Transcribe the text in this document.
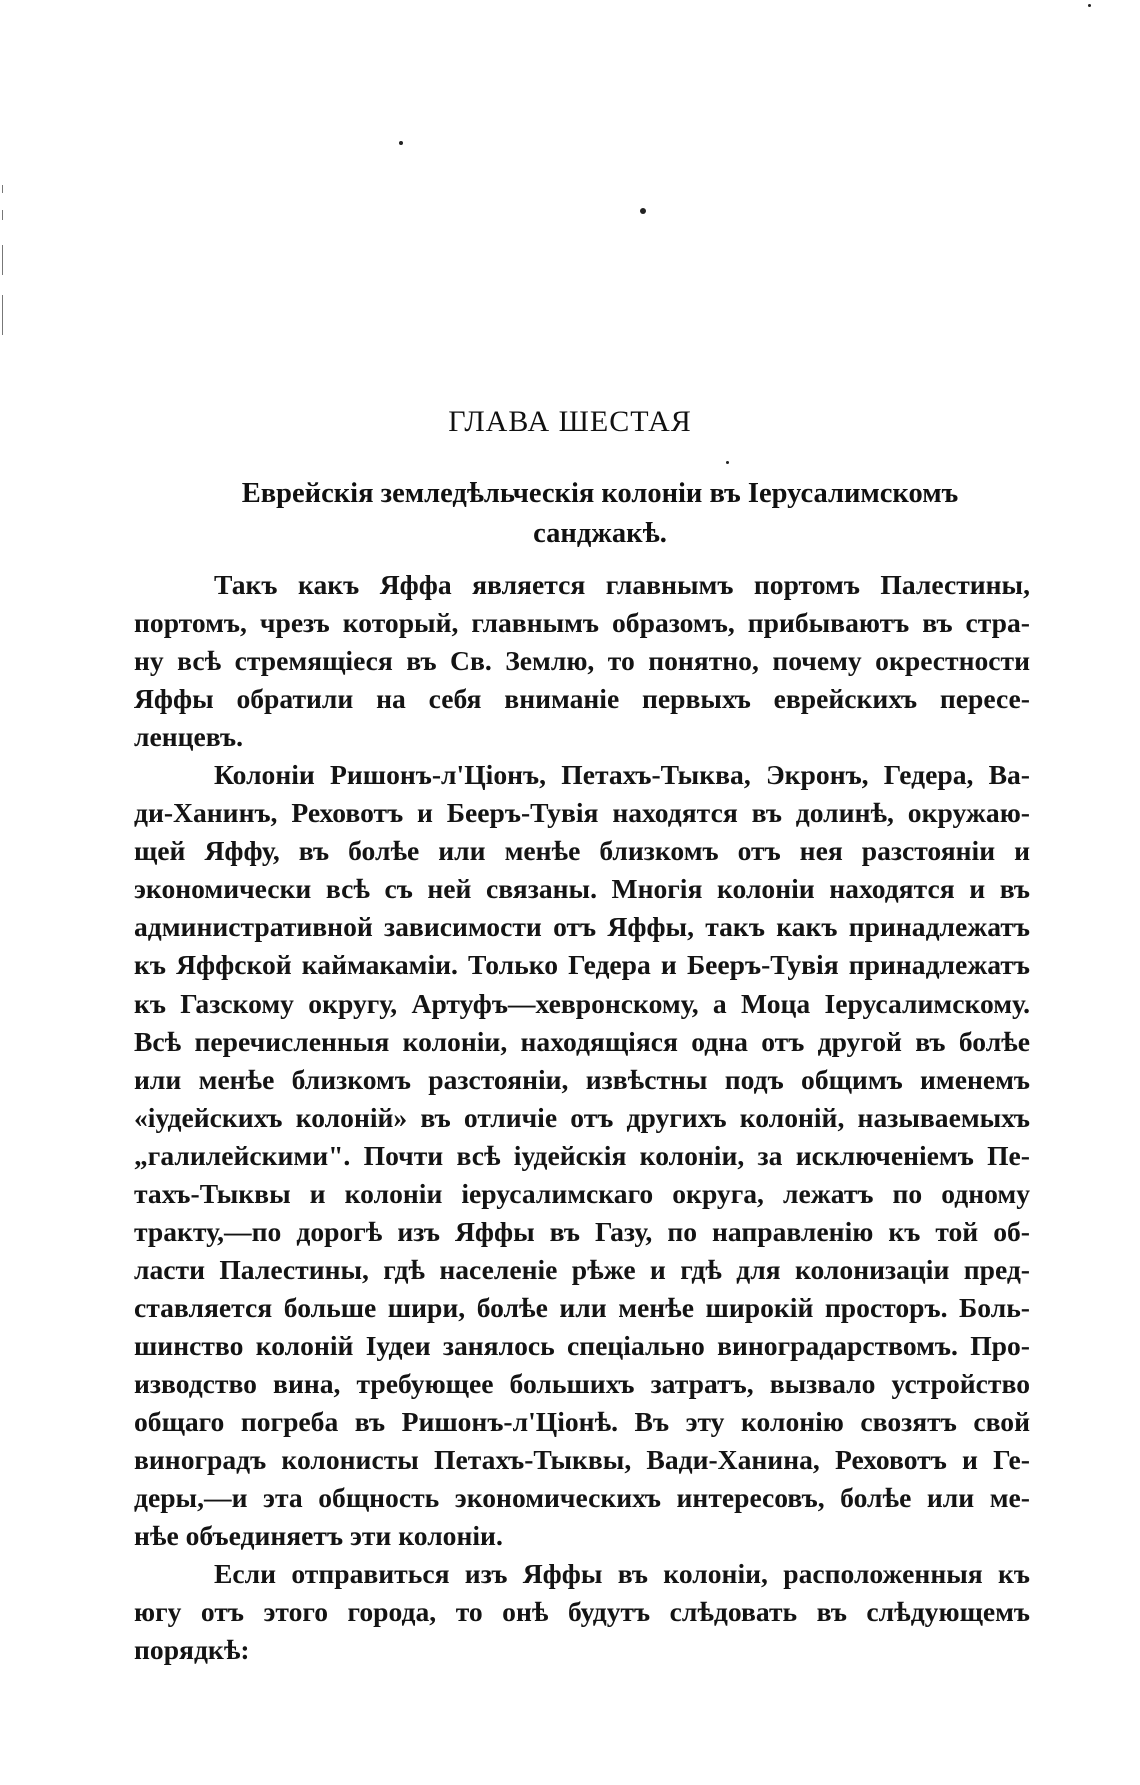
ГЛАВА ШЕСТАЯ
Еврейскія земледѣльческія колоніи въ Іерусалимскомъ
санджакѣ.
Такъ какъ Яффа является главнымъ портомъ Палестины,
портомъ, чрезъ который, главнымъ образомъ, прибываютъ въ стра-
ну всѣ стремящіеся въ Св. Землю, то понятно, почему окрестности
Яффы обратили на себя вниманіе первыхъ еврейскихъ пересе-
ленцевъ.
Колоніи Ришонъ-л'Ціонъ, Петахъ-Тыква, Экронъ, Гедера, Ва-
ди-Ханинъ, Реховотъ и Бееръ-Тувія находятся въ долинѣ, окружаю-
щей Яффу, въ болѣе или менѣе близкомъ отъ нея разстояніи и
экономически всѣ съ ней связаны. Многія колоніи находятся и въ
административной зависимости отъ Яффы, такъ какъ принадлежатъ
къ Яффской каймакаміи. Только Гедера и Бееръ-Тувія принадлежатъ
къ Газскому округу, Артуфъ—хевронскому, а Моца Іерусалимскому.
Всѣ перечисленныя колоніи, находящіяся одна отъ другой въ болѣе
или менѣе близкомъ разстояніи, извѣстны подъ общимъ именемъ
«іудейскихъ колоній» въ отличіе отъ другихъ колоній, называемыхъ
„галилейскими". Почти всѣ іудейскія колоніи, за исключеніемъ Пе-
тахъ-Тыквы и колоніи іерусалимскаго округа, лежатъ по одному
тракту,—по дорогѣ изъ Яффы въ Газу, по направленію къ той об-
ласти Палестины, гдѣ населеніе рѣже и гдѣ для колонизаціи пред-
ставляется больше шири, болѣе или менѣе широкій просторъ. Боль-
шинство колоній Іудеи занялось спеціально виноградарствомъ. Про-
изводство вина, требующее большихъ затратъ, вызвало устройство
общаго погреба въ Ришонъ-л'Ціонѣ. Въ эту колонію свозятъ свой
виноградъ колонисты Петахъ-Тыквы, Вади-Ханина, Реховотъ и Ге-
деры,—и эта общность экономическихъ интересовъ, болѣе или ме-
нѣе объединяетъ эти колоніи.
Если отправиться изъ Яффы въ колоніи, расположенныя къ
югу отъ этого города, то онѣ будутъ слѣдовать въ слѣдующемъ
порядкѣ:
